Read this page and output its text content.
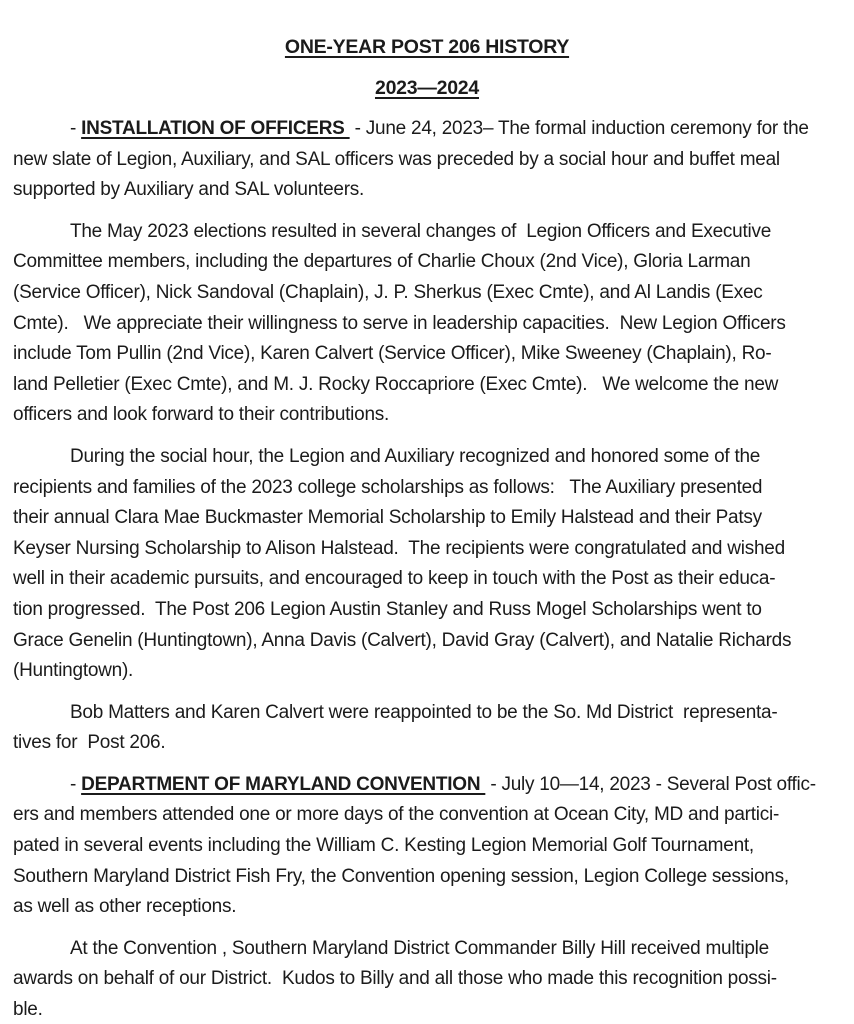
ONE-YEAR POST 206 HISTORY
2023—2024

- INSTALLATION OF OFFICERS  - June 24, 2023– The formal induction ceremony for the
new slate of Legion, Auxiliary, and SAL officers was preceded by a social hour and buffet meal
supported by Auxiliary and SAL volunteers.

The May 2023 elections resulted in several changes of  Legion Officers and Executive
Committee members, including the departures of Charlie Choux (2nd Vice), Gloria Larman
(Service Officer), Nick Sandoval (Chaplain), J. P. Sherkus (Exec Cmte), and Al Landis (Exec
Cmte).   We appreciate their willingness to serve in leadership capacities.  New Legion Officers
include Tom Pullin (2nd Vice), Karen Calvert (Service Officer), Mike Sweeney (Chaplain), Ro-
land Pelletier (Exec Cmte), and M. J. Rocky Roccapriore (Exec Cmte).   We welcome the new
officers and look forward to their contributions.

During the social hour, the Legion and Auxiliary recognized and honored some of the
recipients and families of the 2023 college scholarships as follows:   The Auxiliary presented
their annual Clara Mae Buckmaster Memorial Scholarship to Emily Halstead and their Patsy
Keyser Nursing Scholarship to Alison Halstead.  The recipients were congratulated and wished
well in their academic pursuits, and encouraged to keep in touch with the Post as their educa-
tion progressed.  The Post 206 Legion Austin Stanley and Russ Mogel Scholarships went to
Grace Genelin (Huntingtown), Anna Davis (Calvert), David Gray (Calvert), and Natalie Richards
(Huntingtown).

Bob Matters and Karen Calvert were reappointed to be the So. Md District  representa-
tives for  Post 206.

- DEPARTMENT OF MARYLAND CONVENTION  - July 10—14, 2023 - Several Post offic-
ers and members attended one or more days of the convention at Ocean City, MD and partici-
pated in several events including the William C. Kesting Legion Memorial Golf Tournament,
Southern Maryland District Fish Fry, the Convention opening session, Legion College sessions,
as well as other receptions.

At the Convention , Southern Maryland District Commander Billy Hill received multiple
awards on behalf of our District.  Kudos to Billy and all those who made this recognition possi-
ble.
